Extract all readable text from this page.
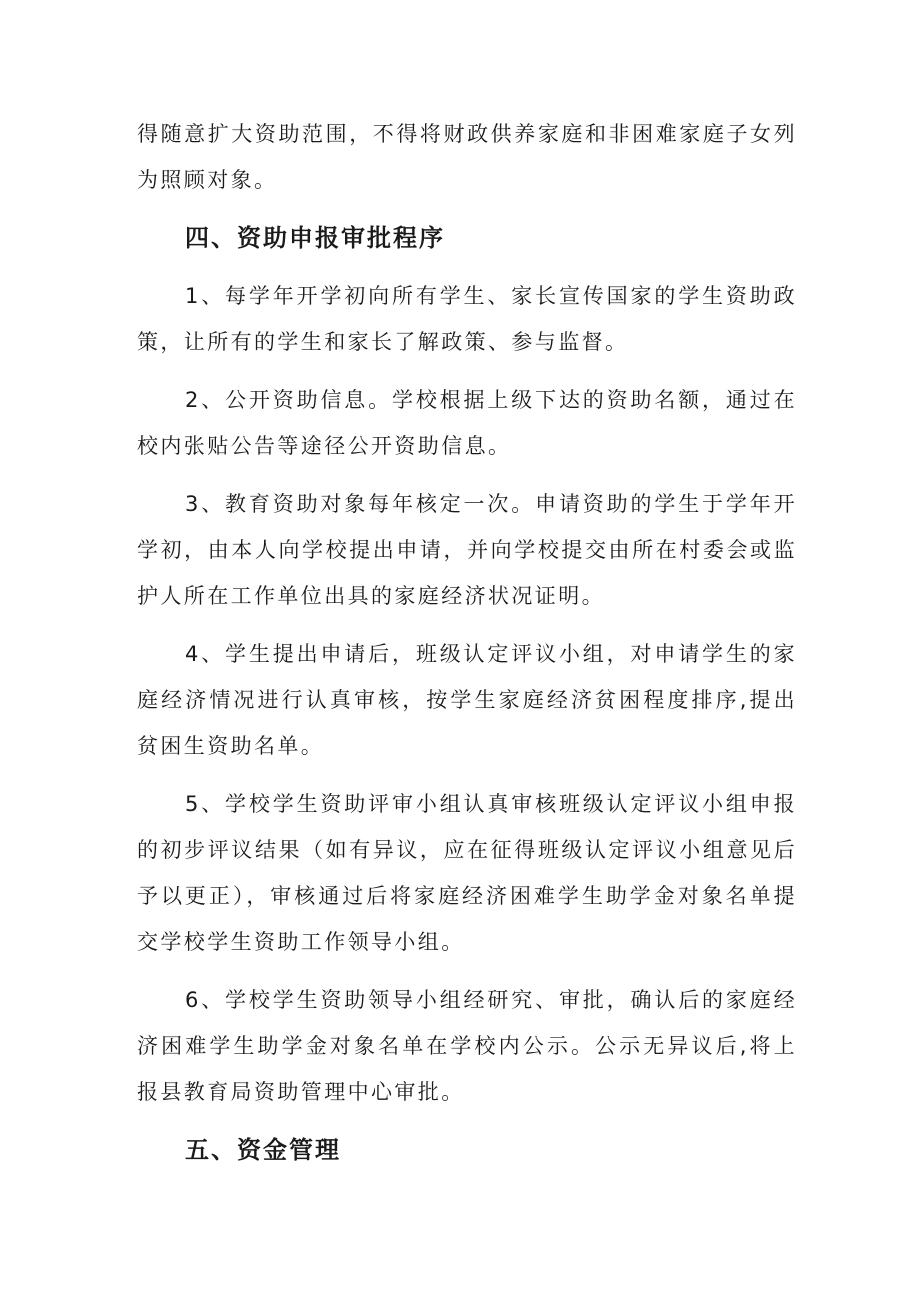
得随意扩大资助范围，不得将财政供养家庭和非困难家庭子女列为照顾对象。

四、资助申报审批程序

1、每学年开学初向所有学生、家长宣传国家的学生资助政策，让所有的学生和家长了解政策、参与监督。

2、公开资助信息。学校根据上级下达的资助名额，通过在校内张贴公告等途径公开资助信息。

3、教育资助对象每年核定一次。申请资助的学生于学年开学初，由本人向学校提出申请，并向学校提交由所在村委会或监护人所在工作单位出具的家庭经济状况证明。

4、学生提出申请后，班级认定评议小组，对申请学生的家庭经济情况进行认真审核，按学生家庭经济贫困程度排序,提出贫困生资助名单。

5、学校学生资助评审小组认真审核班级认定评议小组申报的初步评议结果（如有异议，应在征得班级认定评议小组意见后予以更正），审核通过后将家庭经济困难学生助学金对象名单提交学校学生资助工作领导小组。

6、学校学生资助领导小组经研究、审批，确认后的家庭经济困难学生助学金对象名单在学校内公示。公示无异议后,将上报县教育局资助管理中心审批。

五、资金管理
